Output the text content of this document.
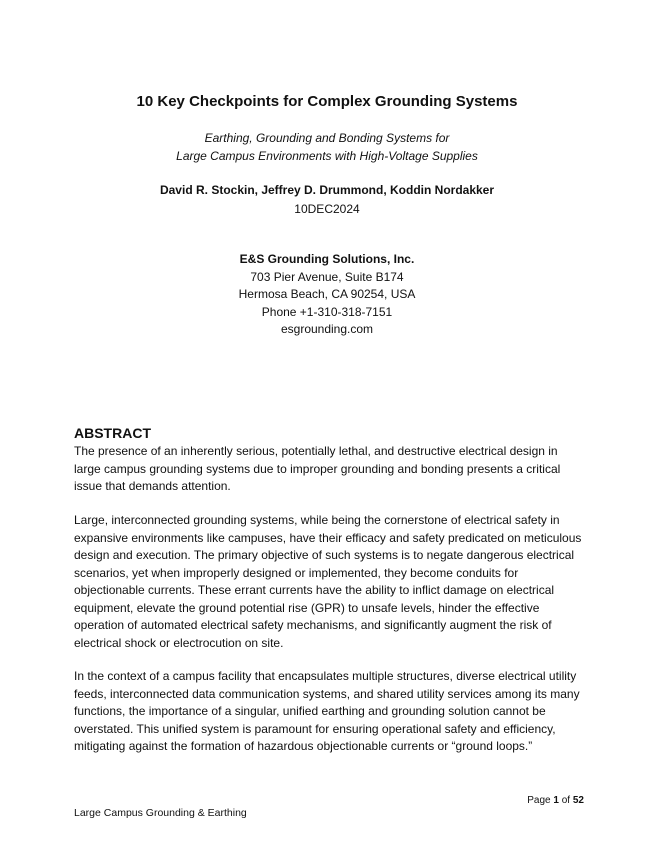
10 Key Checkpoints for Complex Grounding Systems
Earthing, Grounding and Bonding Systems for
Large Campus Environments with High-Voltage Supplies
David R. Stockin, Jeffrey D. Drummond, Koddin Nordakker
10DEC2024
E&S Grounding Solutions, Inc.
703 Pier Avenue, Suite B174
Hermosa Beach, CA 90254, USA
Phone +1-310-318-7151
esgrounding.com
ABSTRACT

The presence of an inherently serious, potentially lethal, and destructive electrical design in large campus grounding systems due to improper grounding and bonding presents a critical issue that demands attention.

Large, interconnected grounding systems, while being the cornerstone of electrical safety in expansive environments like campuses, have their efficacy and safety predicated on meticulous design and execution. The primary objective of such systems is to negate dangerous electrical scenarios, yet when improperly designed or implemented, they become conduits for objectionable currents. These errant currents have the ability to inflict damage on electrical equipment, elevate the ground potential rise (GPR) to unsafe levels, hinder the effective operation of automated electrical safety mechanisms, and significantly augment the risk of electrical shock or electrocution on site.

In the context of a campus facility that encapsulates multiple structures, diverse electrical utility feeds, interconnected data communication systems, and shared utility services among its many functions, the importance of a singular, unified earthing and grounding solution cannot be overstated. This unified system is paramount for ensuring operational safety and efficiency, mitigating against the formation of hazardous objectionable currents or “ground loops.”

Page 1 of 52
Large Campus Grounding & Earthing
